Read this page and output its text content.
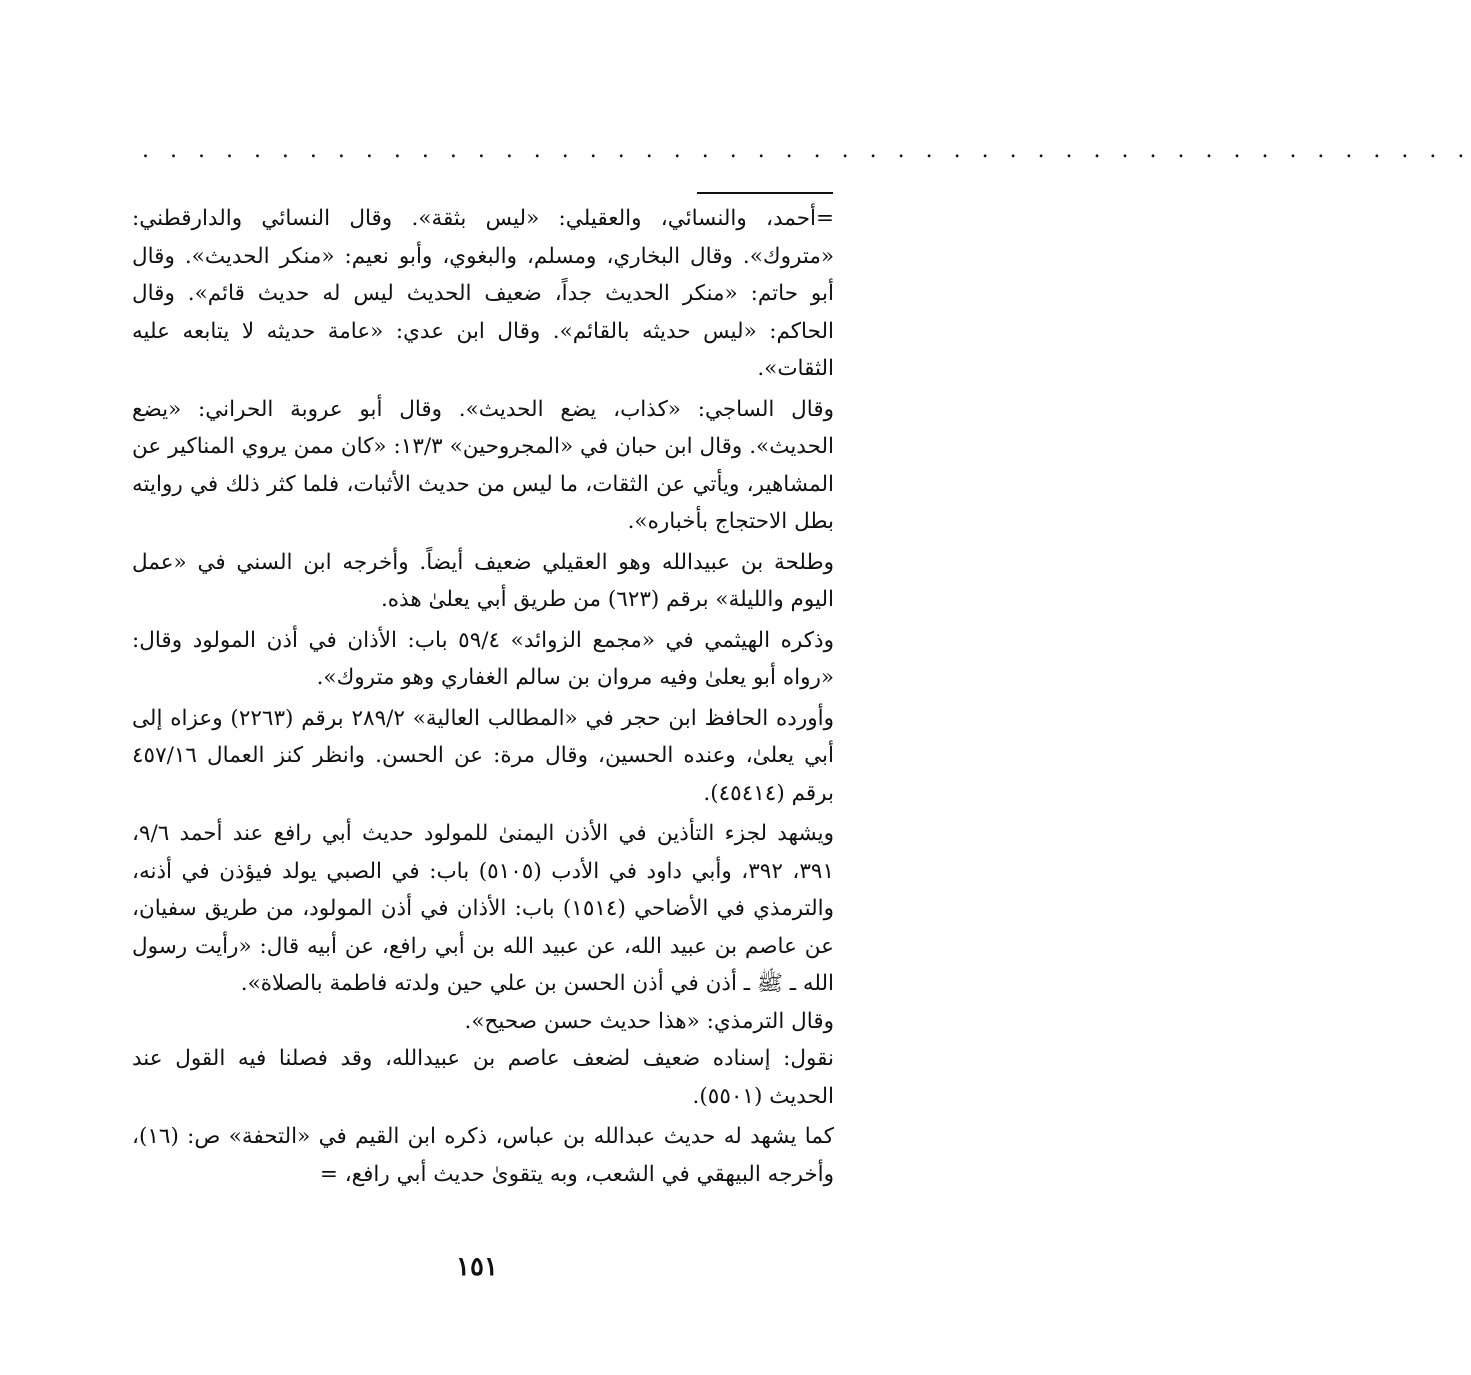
. . . . . . . . . . . . . . . . . . . . . . . . . . . . . . . . . . . . . . . . . . . . . . . .

=أحمد، والنسائي، والعقيلي: «ليس بثقة». وقال النسائي والدارقطني: «متروك». وقال البخاري، ومسلم، والبغوي، وأبو نعيم: «منكر الحديث». وقال أبو حاتم: «منكر الحديث جداً، ضعيف الحديث ليس له حديث قائم». وقال الحاكم: «ليس حديثه بالقائم». وقال ابن عدي: «عامة حديثه لا يتابعه عليه الثقات».

وقال الساجي: «كذاب، يضع الحديث». وقال أبو عروبة الحراني: «يضع الحديث». وقال ابن حبان في «المجروحين» ١٣/٣: «كان ممن يروي المناكير عن المشاهير، ويأتي عن الثقات، ما ليس من حديث الأثبات، فلما كثر ذلك في روايته بطل الاحتجاج بأخباره».

وطلحة بن عبيدالله وهو العقيلي ضعيف أيضاً. وأخرجه ابن السني في «عمل اليوم والليلة» برقم (٦٢٣) من طريق أبي يعلىٰ هذه.

وذكره الهيثمي في «مجمع الزوائد» ٥٩/٤ باب: الأذان في أذن المولود وقال: «رواه أبو يعلىٰ وفيه مروان بن سالم الغفاري وهو متروك».

وأورده الحافظ ابن حجر في «المطالب العالية» ٢٨٩/٢ برقم (٢٢٦٣) وعزاه إلى أبي يعلىٰ، وعنده الحسين، وقال مرة: عن الحسن. وانظر كنز العمال ٤٥٧/١٦ برقم (٤٥٤١٤).

ويشهد لجزء التأذين في الأذن اليمنىٰ للمولود حديث أبي رافع عند أحمد ٩/٦، ٣٩١، ٣٩٢، وأبي داود في الأدب (٥١٠٥) باب: في الصبي يولد فيؤذن في أذنه، والترمذي في الأضاحي (١٥١٤) باب: الأذان في أذن المولود، من طريق سفيان، عن عاصم بن عبيد الله، عن عبيد الله بن أبي رافع، عن أبيه قال: «رأيت رسول الله ـ ﷺ ـ أذن في أذن الحسن بن علي حين ولدته فاطمة بالصلاة».

وقال الترمذي: «هذا حديث حسن صحيح».

نقول: إسناده ضعيف لضعف عاصم بن عبيدالله، وقد فصلنا فيه القول عند الحديث (٥٥٠١).

كما يشهد له حديث عبدالله بن عباس، ذكره ابن القيم في «التحفة» ص: (١٦)، وأخرجه البيهقي في الشعب، وبه يتقوىٰ حديث أبي رافع، =

١٥١
